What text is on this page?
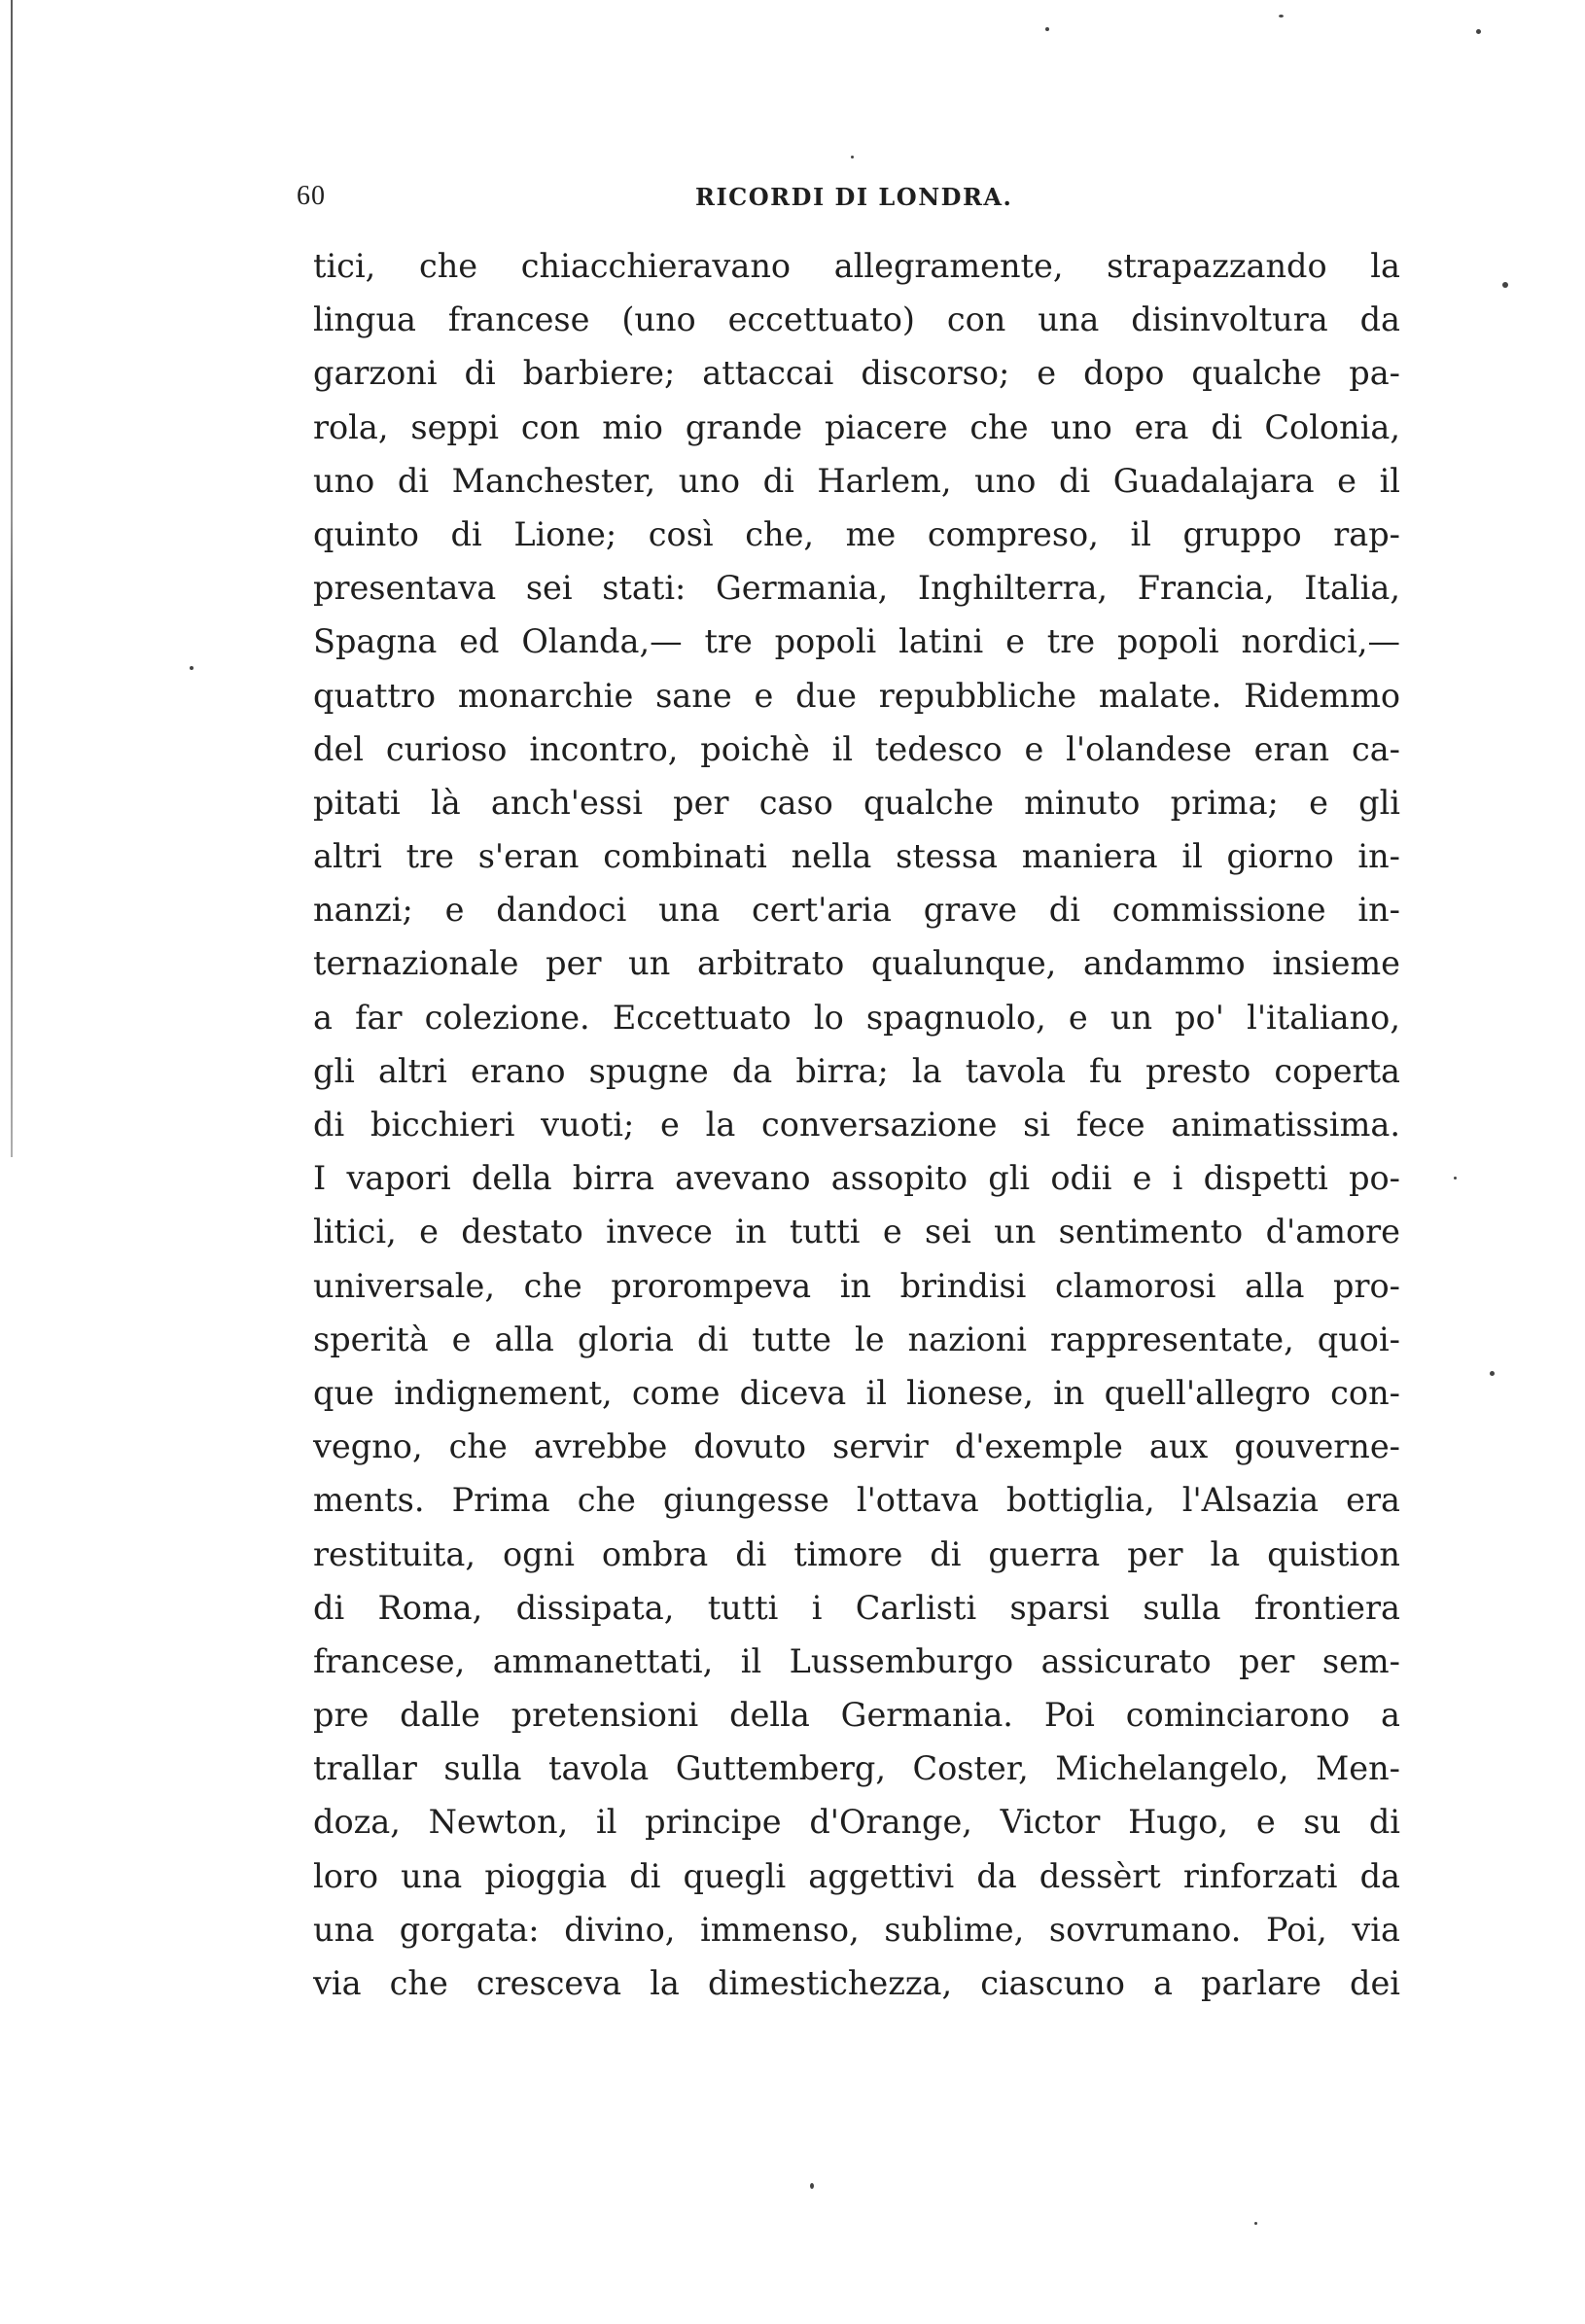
60	RICORDI DI LONDRA.
tici, che chiacchieravano allegramente, strapazzando la
lingua francese (uno eccettuato) con una disinvoltura da
garzoni di barbiere; attaccai discorso; e dopo qualche pa-
rola, seppi con mio grande piacere che uno era di Colonia,
uno di Manchester, uno di Harlem, uno di Guadalajara e il
quinto di Lione; così che, me compreso, il gruppo rap-
presentava sei stati: Germania, Inghilterra, Francia, Italia,
Spagna ed Olanda,— tre popoli latini e tre popoli nordici,—
quattro monarchie sane e due repubbliche malate. Ridemmo
del curioso incontro, poichè il tedesco e l'olandese eran ca-
pitati là anch'essi per caso qualche minuto prima; e gli
altri tre s'eran combinati nella stessa maniera il giorno in-
nanzi; e dandoci una cert'aria grave di commissione in-
ternazionale per un arbitrato qualunque, andammo insieme
a far colezione. Eccettuato lo spagnuolo, e un po' l'italiano,
gli altri erano spugne da birra; la tavola fu presto coperta
di bicchieri vuoti; e la conversazione si fece animatissima.
I vapori della birra avevano assopito gli odii e i dispetti po-
litici, e destato invece in tutti e sei un sentimento d'amore
universale, che prorompeva in brindisi clamorosi alla pro-
sperità e alla gloria di tutte le nazioni rappresentate, quoi-
que indignement, come diceva il lionese, in quell'allegro con-
vegno, che avrebbe dovuto servir d'exemple aux gouverne-
ments. Prima che giungesse l'ottava bottiglia, l'Alsazia era
restituita, ogni ombra di timore di guerra per la quistion
di Roma, dissipata, tutti i Carlisti sparsi sulla frontiera
francese, ammanettati, il Lussemburgo assicurato per sem-
pre dalle pretensioni della Germania. Poi cominciarono a
trallar sulla tavola Guttemberg, Coster, Michelangelo, Men-
doza, Newton, il principe d'Orange, Victor Hugo, e su di
loro una pioggia di quegli aggettivi da dessèrt rinforzati da
una gorgata: divino, immenso, sublime, sovrumano. Poi, via
via che cresceva la dimestichezza, ciascuno a parlare dei
